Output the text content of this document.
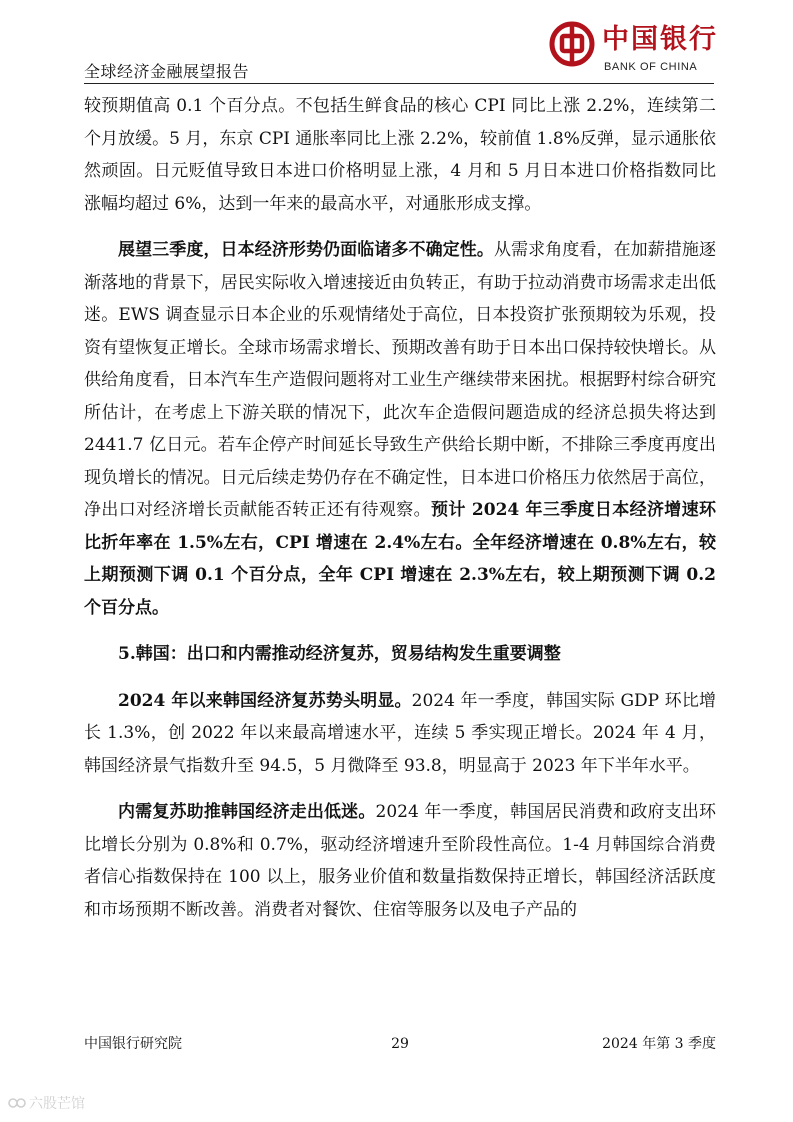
全球经济金融展望报告
中国银行
BANK OF CHINA

较预期值高 0.1 个百分点。不包括生鲜食品的核心 CPI 同比上涨 2.2%，连续第二个月放缓。5 月，东京 CPI 通胀率同比上涨 2.2%，较前值 1.8%反弹，显示通胀依然顽固。日元贬值导致日本进口价格明显上涨，4 月和 5 月日本进口价格指数同比涨幅均超过 6%，达到一年来的最高水平，对通胀形成支撑。

展望三季度，日本经济形势仍面临诸多不确定性。从需求角度看，在加薪措施逐渐落地的背景下，居民实际收入增速接近由负转正，有助于拉动消费市场需求走出低迷。EWS 调查显示日本企业的乐观情绪处于高位，日本投资扩张预期较为乐观，投资有望恢复正增长。全球市场需求增长、预期改善有助于日本出口保持较快增长。从供给角度看，日本汽车生产造假问题将对工业生产继续带来困扰。根据野村综合研究所估计，在考虑上下游关联的情况下，此次车企造假问题造成的经济总损失将达到 2441.7 亿日元。若车企停产时间延长导致生产供给长期中断，不排除三季度再度出现负增长的情况。日元后续走势仍存在不确定性，日本进口价格压力依然居于高位，净出口对经济增长贡献能否转正还有待观察。预计 2024 年三季度日本经济增速环比折年率在 1.5%左右，CPI 增速在 2.4%左右。全年经济增速在 0.8%左右，较上期预测下调 0.1 个百分点，全年 CPI 增速在 2.3%左右，较上期预测下调 0.2 个百分点。

5.韩国：出口和内需推动经济复苏，贸易结构发生重要调整

2024 年以来韩国经济复苏势头明显。2024 年一季度，韩国实际 GDP 环比增长 1.3%，创 2022 年以来最高增速水平，连续 5 季实现正增长。2024 年 4 月，韩国经济景气指数升至 94.5，5 月微降至 93.8，明显高于 2023 年下半年水平。

内需复苏助推韩国经济走出低迷。2024 年一季度，韩国居民消费和政府支出环比增长分别为 0.8%和 0.7%，驱动经济增速升至阶段性高位。1-4 月韩国综合消费者信心指数保持在 100 以上，服务业价值和数量指数保持正增长，韩国经济活跃度和市场预期不断改善。消费者对餐饮、住宿等服务以及电子产品的

中国银行研究院	29	2024 年第 3 季度
六股芒馆
